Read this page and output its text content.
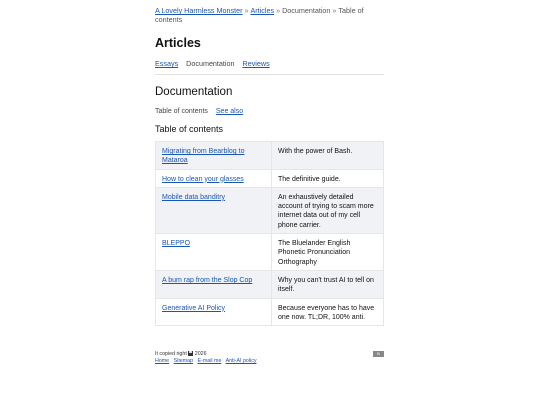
A Lovely Harmless Monster » Articles » Documentation » Table of contents
Articles
Essays Documentation Reviews
Documentation
Table of contents See also
Table of contents
Migrating from Bearblog to Mataroa	With the power of Bash.
How to clean your glasses	The definitive guide.
Mobile data banditry	An exhaustively detailed account of trying to scam more internet data out of my cell phone carrier.
BLEPPO	The Bluelander English Phonetic Pronunciation Orthography
A bum rap from the Slop Cop	Why you can't trust AI to tell on itself.
Generative AI Policy	Because everyone has to have one now. TL;DR, 100% anti.
It copied right 2026
Home Sitemap E-mail me Anti-AI policy
B
